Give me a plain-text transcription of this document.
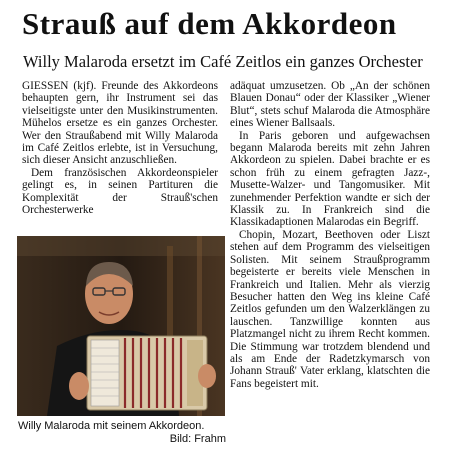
Strauß auf dem Akkordeon
Willy Malaroda ersetzt im Café Zeitlos ein ganzes Orchester

GIESSEN (kjf). Freunde des Akkordeons behaupten gern, ihr Instrument sei das vielseitigste unter den Musikinstrumenten. Mühelos ersetze es ein ganzes Orchester. Wer den Straußabend mit Willy Malaroda im Café Zeitlos erlebte, ist in Versuchung, sich dieser Ansicht anzuschließen.

Dem französischen Akkordeonspieler gelingt es, in seinen Partituren die Komplexität der Strauß'schen Orchesterwerke

Willy Malaroda mit seinem Akkordeon.
Bild: Frahm

adäquat umzusetzen. Ob „An der schönen Blauen Donau“ oder der Klassiker „Wiener Blut“, stets schuf Malaroda die Atmosphäre eines Wiener Ballsaals.

In Paris geboren und aufgewachsen begann Malaroda bereits mit zehn Jahren Akkordeon zu spielen. Dabei brachte er es schon früh zu einem gefragten Jazz-, Musette-Walzer- und Tangomusiker. Mit zunehmender Perfektion wandte er sich der Klassik zu. In Frankreich sind die Klassikadaptionen Malarodas ein Begriff.

Chopin, Mozart, Beethoven oder Liszt stehen auf dem Programm des vielseitigen Solisten. Mit seinem Straußprogramm begeisterte er bereits viele Menschen in Frankreich und Italien. Mehr als vierzig Besucher hatten den Weg ins kleine Café Zeitlos gefunden um den Walzerklängen zu lauschen. Tanzwillige konnten aus Platzmangel nicht zu ihrem Recht kommen. Die Stimmung war trotzdem blendend und als am Ende der Radetzkymarsch von Johann Strauß' Vater erklang, klatschten die Fans begeistert mit.
